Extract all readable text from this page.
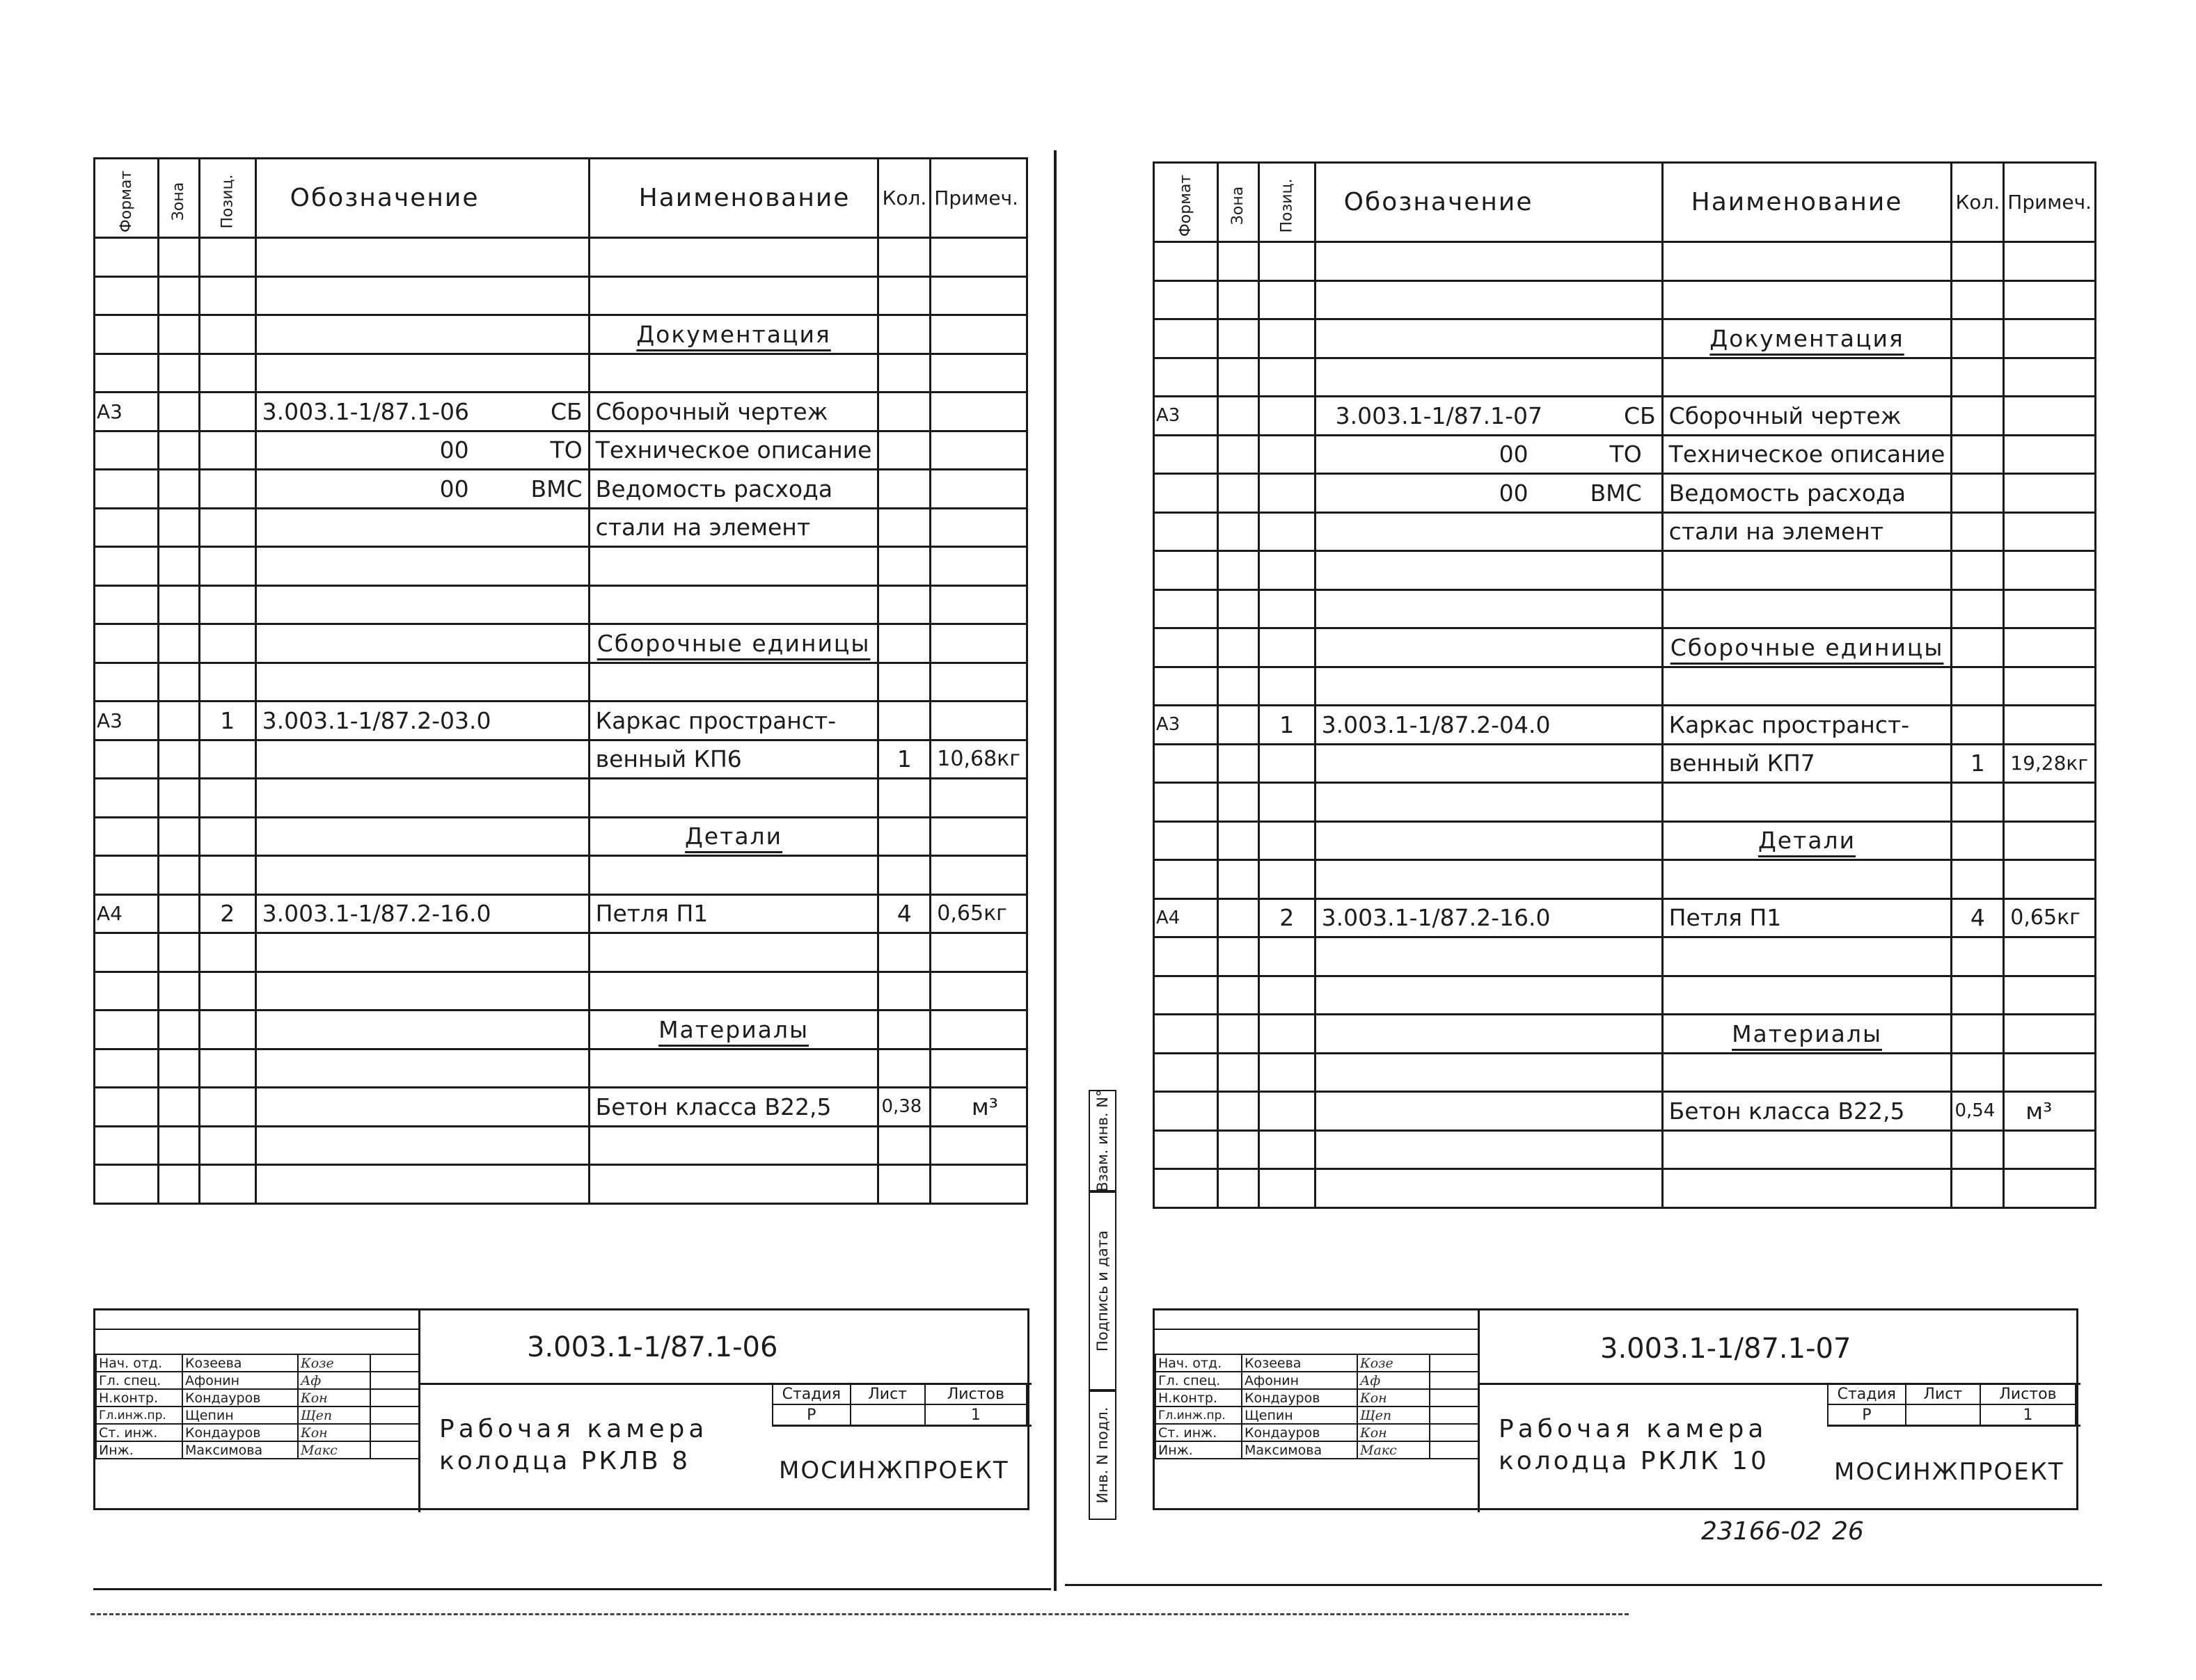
Формат	Зона	Позиц.	Обозначение	Наименование	Кол.	Примеч.

				Документация		

А3			3.003.1-1/87.1-06 СБ	Сборочный чертеж		
			00 ТО	Техническое описание		
			00 ВМС	Ведомость расхода		
				стали на элемент		

				Сборочные единицы		

А3		1	3.003.1-1/87.2-03.0	Каркас пространст-		
				венный КП6	1	10,68кг

				Детали		

А4		2	3.003.1-1/87.2-16.0	Петля П1	4	0,65кг

				Материалы		

				Бетон класса В22,5	0,38	м³

Нач. отд.	Козеева	Козе	
Гл. спец.	Афонин	Аф	
Н.контр.	Кондауров	Кон	
Гл.инж.пр.	Щепин	Щеп	
Ст. инж.	Кондауров	Кон	
Инж.	Максимова	Макс	
3.003.1-1/87.1-06
Рабочая камера
колодца РКЛВ 8
Стадия	Лист	Листов
Р		1
МОСИНЖПРОЕКТ	Инв. N подл.
Подпись и дата
Взам. инв. N°
Формат	Зона	Позиц.	Обозначение	Наименование	Кол.	Примеч.

				Документация		

А3			3.003.1-1/87.1-07 СБ	Сборочный чертеж		
			00 ТО	Техническое описание		
			00 ВМС	Ведомость расхода		
				стали на элемент		

				Сборочные единицы		

А3		1	3.003.1-1/87.2-04.0	Каркас пространст-		
				венный КП7	1	19,28кг

				Детали		

А4		2	3.003.1-1/87.2-16.0	Петля П1	4	0,65кг

				Материалы		

				Бетон класса В22,5	0,54	м³

Нач. отд.	Козеева	Козе	
Гл. спец.	Афонин	Аф	
Н.контр.	Кондауров	Кон	
Гл.инж.пр.	Щепин	Щеп	
Ст. инж.	Кондауров	Кон	
Инж.	Максимова	Макс	
3.003.1-1/87.1-07
Рабочая камера
колодца РКЛК 10
Стадия	Лист	Листов
Р		1
МОСИНЖПРОЕКТ
23166-02 26
